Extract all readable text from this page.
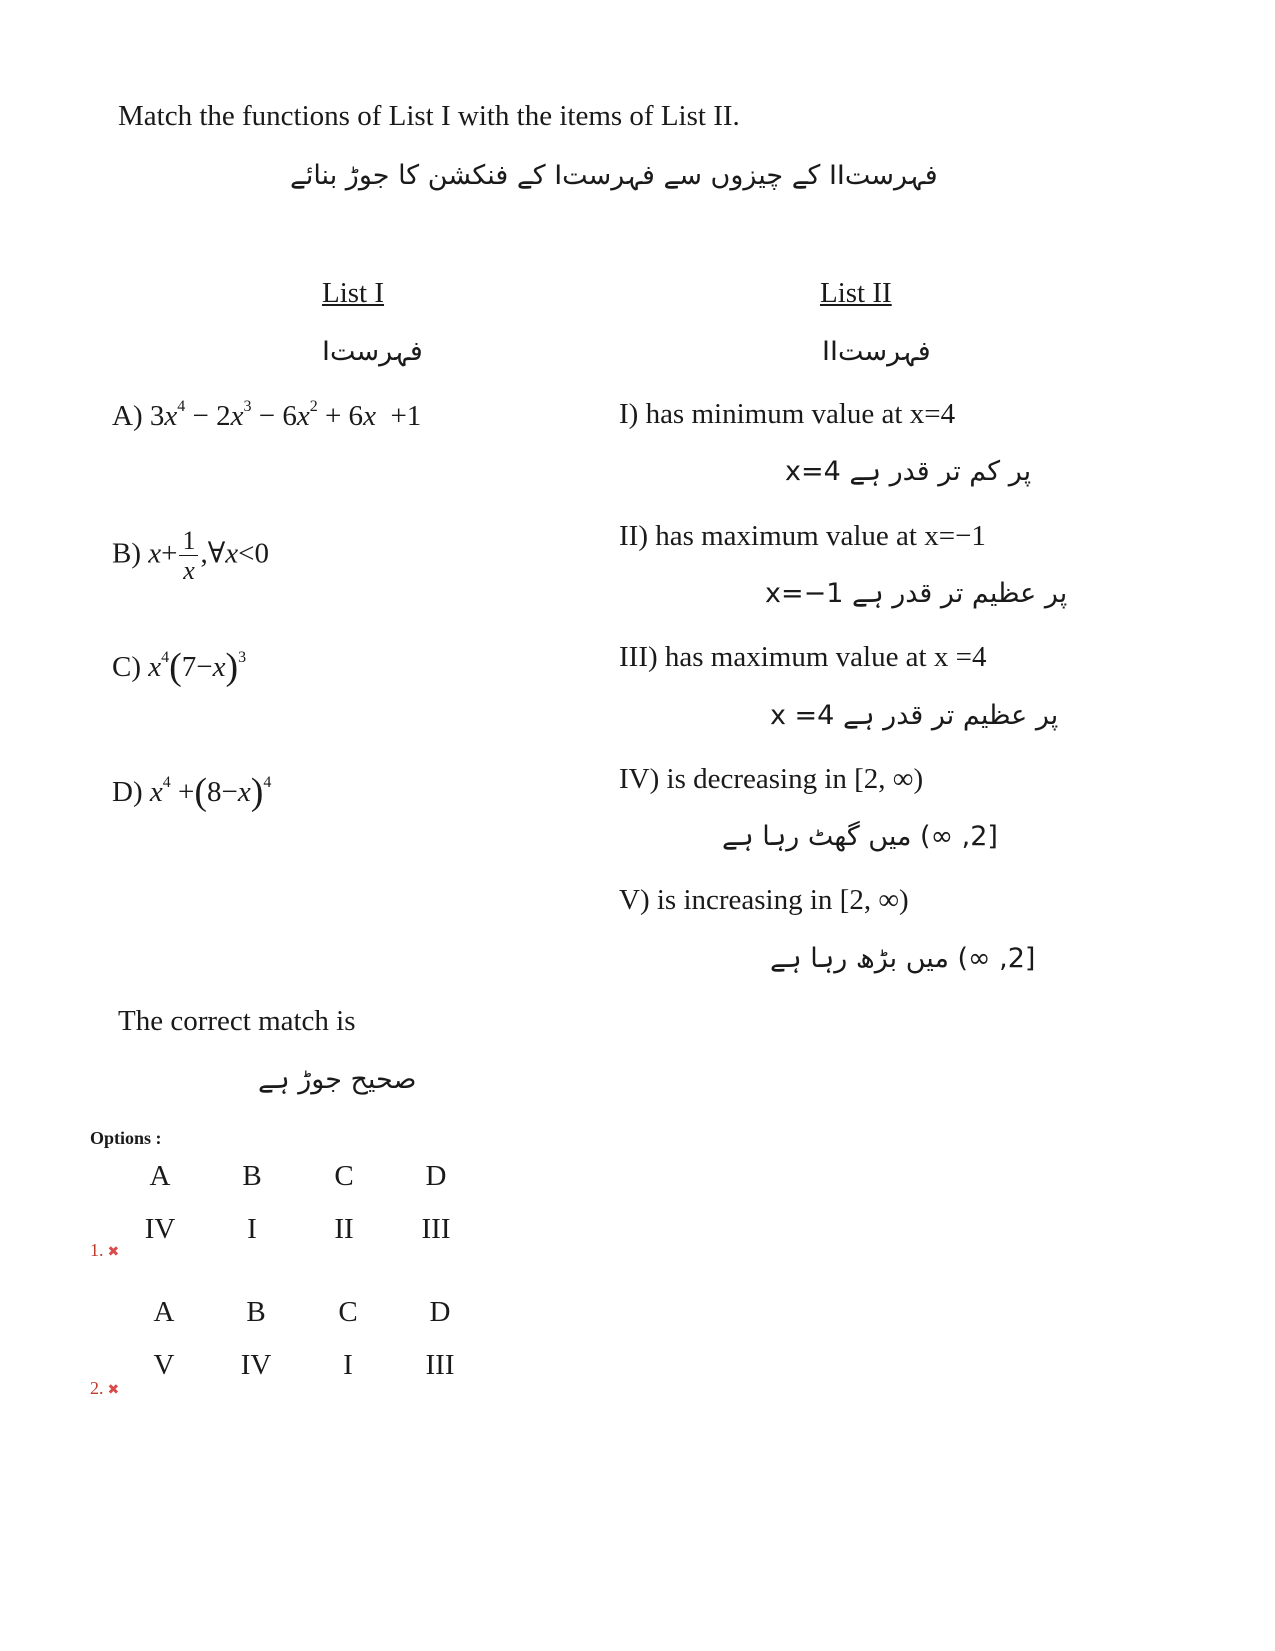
Match the functions of List I with the items of List II.
فہرستII کے چیزوں سے فہرستI کے فنکشن کا جوڑ بنائے
List I
فہرستI
List II
فہرستII
A) $3x^4 - 2x^3 - 6x^2 + 6x +1$
B) $x+ \frac{1}{x}$ ,∀x<0
C) $x^4(7-x)^3$
D) $x^4 +(8-x)^4$
I) has minimum value at x=4
x=4 پر کم تر قدر ہے
II) has maximum value at x=−1
x=−1 پر عظیم تر قدر ہے
III) has maximum value at x =4
x =4 پر عظیم تر قدر ہے
IV) is decreasing in [2, ∞)
[2, ∞) میں گھٹ رہا ہے
V) is increasing in [2, ∞)
[2, ∞) میں بڑھ رہا ہے
The correct match is
صحیح جوڑ ہے
Options :
A	B	C	D
IV	I	II	III
1. ✖
A	B	C	D
V	IV	I	III
2. ✖
